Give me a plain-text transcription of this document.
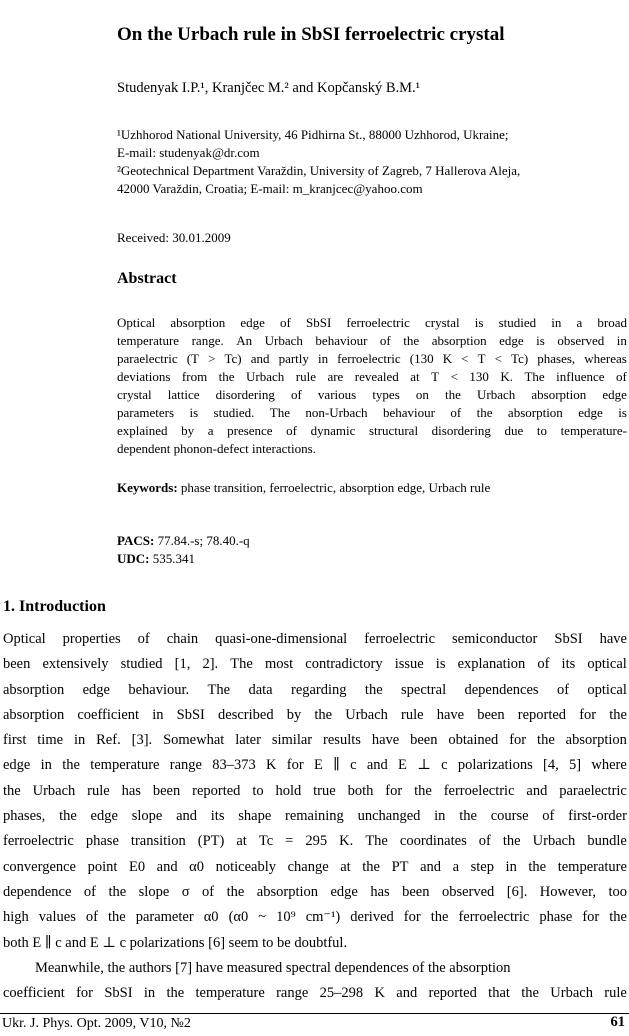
On the Urbach rule in SbSI ferroelectric crystal
Studenyak I.P.¹, Kranjčec M.² and Kopčanský B.M.¹
¹Uzhhorod National University, 46 Pidhirna St., 88000 Uzhhorod, Ukraine;
E-mail: studenyak@dr.com
²Geotechnical Department Varaždin, University of Zagreb, 7 Hallerova Aleja,
42000 Varaždin, Croatia; E-mail: m_kranjcec@yahoo.com
Received: 30.01.2009
Abstract
Optical absorption edge of SbSI ferroelectric crystal is studied in a broad
temperature range. An Urbach behaviour of the absorption edge is observed in
paraelectric (T > Tc) and partly in ferroelectric (130 K < T < Tc) phases, whereas
deviations from the Urbach rule are revealed at T < 130 K. The influence of
crystal lattice disordering of various types on the Urbach absorption edge
parameters is studied. The non-Urbach behaviour of the absorption edge is
explained by a presence of dynamic structural disordering due to temperature-
dependent phonon-defect interactions.
Keywords: phase transition, ferroelectric, absorption edge, Urbach rule
PACS: 77.84.-s; 78.40.-q
UDC: 535.341
1. Introduction
Optical properties of chain quasi-one-dimensional ferroelectric semiconductor SbSI have
been extensively studied [1, 2]. The most contradictory issue is explanation of its optical
absorption edge behaviour. The data regarding the spectral dependences of optical
absorption coefficient in SbSI described by the Urbach rule have been reported for the
first time in Ref. [3]. Somewhat later similar results have been obtained for the absorption
edge in the temperature range 83–373 K for E ∥ c and E ⊥ c polarizations [4, 5] where
the Urbach rule has been reported to hold true both for the ferroelectric and paraelectric
phases, the edge slope and its shape remaining unchanged in the course of first-order
ferroelectric phase transition (PT) at Tc = 295 K. The coordinates of the Urbach bundle
convergence point E0 and α0 noticeably change at the PT and a step in the temperature
dependence of the slope σ of the absorption edge has been observed [6]. However, too
high values of the parameter α0 (α0 ~ 10⁹ cm⁻¹) derived for the ferroelectric phase for the
both E ∥ c and E ⊥ c polarizations [6] seem to be doubtful.
Meanwhile, the authors [7] have measured spectral dependences of the absorption
coefficient for SbSI in the temperature range 25–298 K and reported that the Urbach rule
Ukr. J. Phys. Opt. 2009, V10, №2	61
